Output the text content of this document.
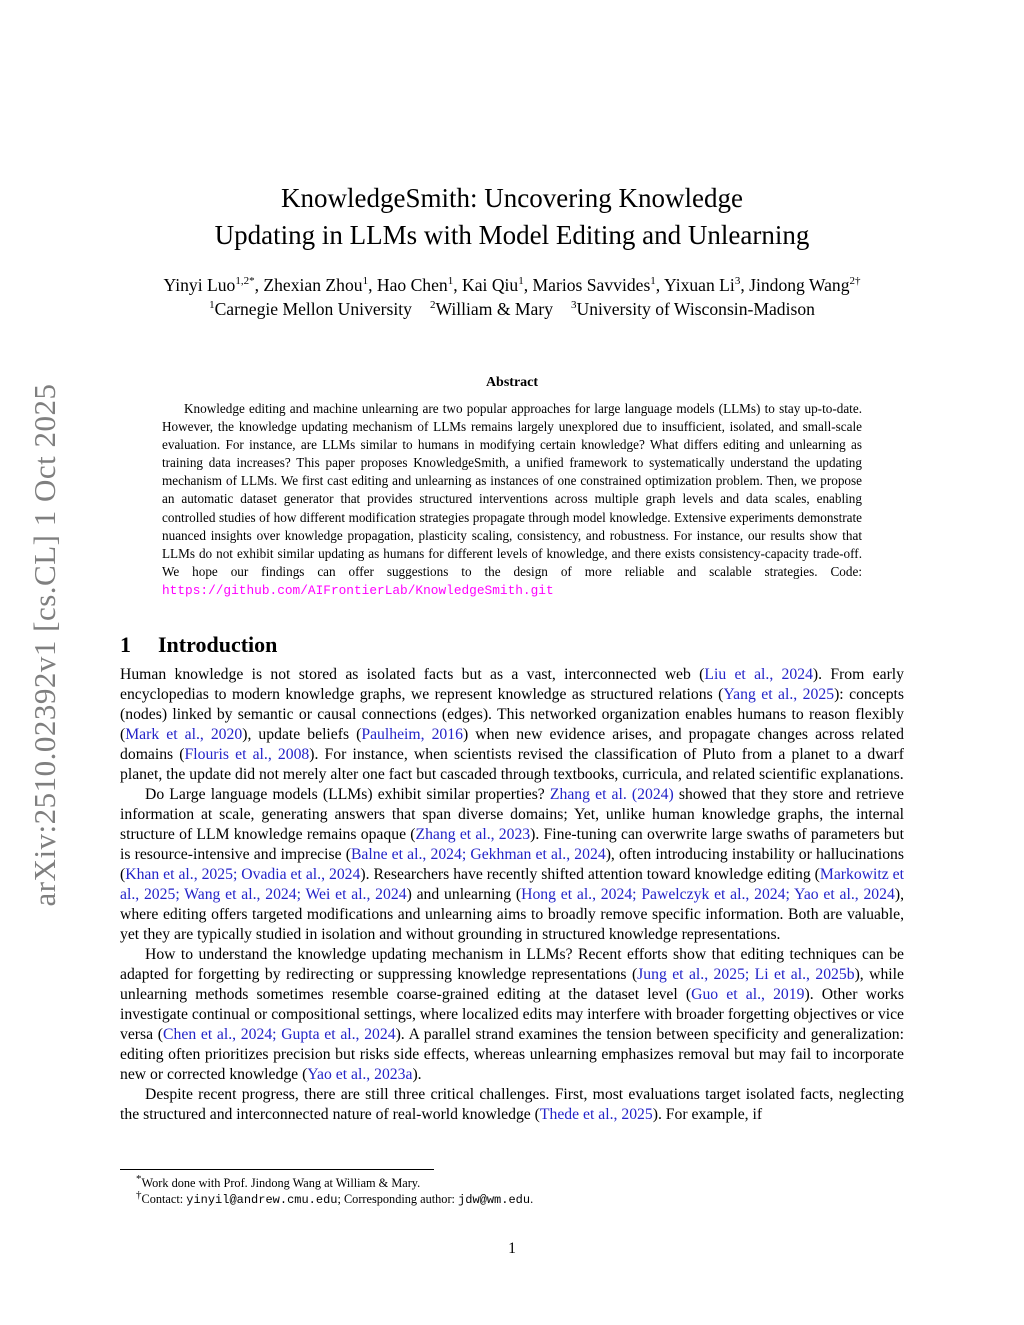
arXiv:2510.02392v1 [cs.CL] 1 Oct 2025
KnowledgeSmith: Uncovering Knowledge
Updating in LLMs with Model Editing and Unlearning
Yinyi Luo$^{1,2*}$, Zhexian Zhou$^1$, Hao Chen$^1$, Kai Qiu$^1$, Marios Savvides$^1$, Yixuan Li$^3$, Jindong Wang$^{2\dagger}$
$^1$Carnegie Mellon University $^2$William & Mary $^3$University of Wisconsin-Madison
Abstract
Knowledge editing and machine unlearning are two popular approaches for large language models (LLMs) to stay up-to-date. However, the knowledge updating mechanism of LLMs remains largely unexplored due to insufficient, isolated, and small-scale evaluation. For instance, are LLMs similar to humans in modifying certain knowledge? What differs editing and unlearning as training data increases? This paper proposes KnowledgeSmith, a unified framework to systematically understand the updating mechanism of LLMs. We first cast editing and unlearning as instances of one constrained optimization problem. Then, we propose an automatic dataset generator that provides structured interventions across multiple graph levels and data scales, enabling controlled studies of how different modification strategies propagate through model knowledge. Extensive experiments demonstrate nuanced insights over knowledge propagation, plasticity scaling, consistency, and robustness. For instance, our results show that LLMs do not exhibit similar updating as humans for different levels of knowledge, and there exists consistency-capacity trade-off. We hope our findings can offer suggestions to the design of more reliable and scalable strategies. Code: https://github.com/AIFrontierLab/KnowledgeSmith.git
1 Introduction

Human knowledge is not stored as isolated facts but as a vast, interconnected web (Liu et al., 2024). From early encyclopedias to modern knowledge graphs, we represent knowledge as structured relations (Yang et al., 2025): concepts (nodes) linked by semantic or causal connections (edges). This networked organization enables humans to reason flexibly (Mark et al., 2020), update beliefs (Paulheim, 2016) when new evidence arises, and propagate changes across related domains (Flouris et al., 2008). For instance, when scientists revised the classification of Pluto from a planet to a dwarf planet, the update did not merely alter one fact but cascaded through textbooks, curricula, and related scientific explanations.

Do Large language models (LLMs) exhibit similar properties? Zhang et al. (2024) showed that they store and retrieve information at scale, generating answers that span diverse domains; Yet, unlike human knowledge graphs, the internal structure of LLM knowledge remains opaque (Zhang et al., 2023). Fine-tuning can overwrite large swaths of parameters but is resource-intensive and imprecise (Balne et al., 2024; Gekhman et al., 2024), often introducing instability or hallucinations (Khan et al., 2025; Ovadia et al., 2024). Researchers have recently shifted attention toward knowledge editing (Markowitz et al., 2025; Wang et al., 2024; Wei et al., 2024) and unlearning (Hong et al., 2024; Pawelczyk et al., 2024; Yao et al., 2024), where editing offers targeted modifications and unlearning aims to broadly remove specific information. Both are valuable, yet they are typically studied in isolation and without grounding in structured knowledge representations.

How to understand the knowledge updating mechanism in LLMs? Recent efforts show that editing techniques can be adapted for forgetting by redirecting or suppressing knowledge representations (Jung et al., 2025; Li et al., 2025b), while unlearning methods sometimes resemble coarse-grained editing at the dataset level (Guo et al., 2019). Other works investigate continual or compositional settings, where localized edits may interfere with broader forgetting objectives or vice versa (Chen et al., 2024; Gupta et al., 2024). A parallel strand examines the tension between specificity and generalization: editing often prioritizes precision but risks side effects, whereas unlearning emphasizes removal but may fail to incorporate new or corrected knowledge (Yao et al., 2023a).

Despite recent progress, there are still three critical challenges. First, most evaluations target isolated facts, neglecting the structured and interconnected nature of real-world knowledge (Thede et al., 2025). For example, if

*Work done with Prof. Jindong Wang at William & Mary.
†Contact: yinyil@andrew.cmu.edu; Corresponding author: jdw@wm.edu.
1
